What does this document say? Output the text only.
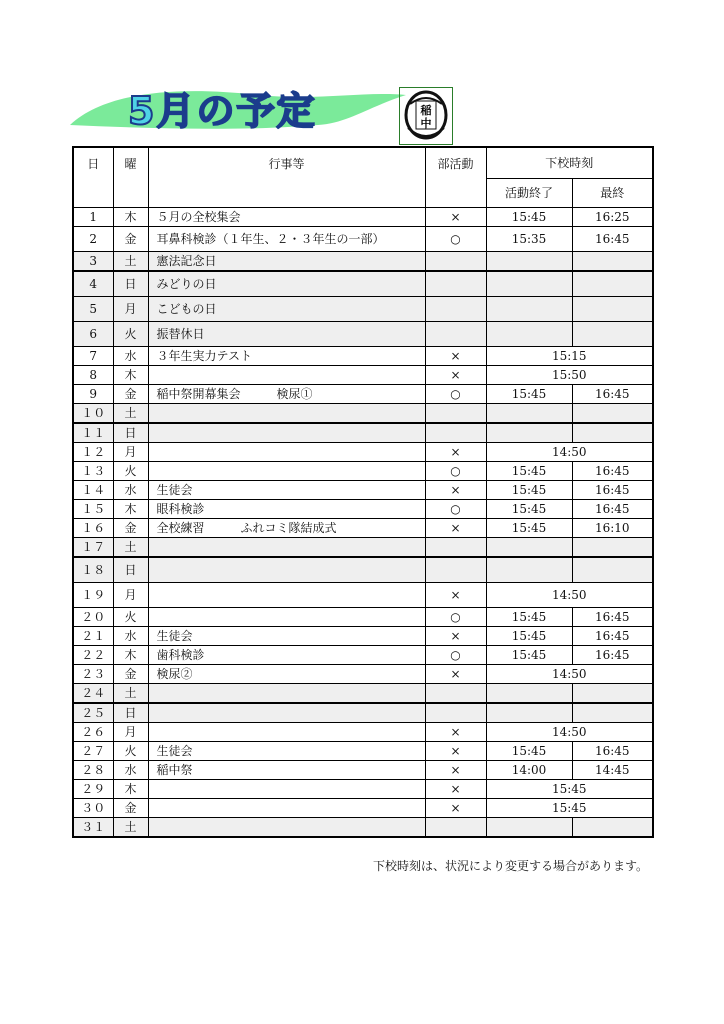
5月の予定	稲
中
日	曜	行事等	部活動	下校時刻	
				活動終了	最終
1	木	５月の全校集会	×	15:45	16:25
2	金	耳鼻科検診（１年生、２・３年生の一部）	○	15:35	16:45
3	土	憲法記念日			
4	日	みどりの日			
5	月	こどもの日			
6	火	振替休日			
7	水	３年生実力テスト	×	15:15	
8	木		×	15:50	
9	金	稲中祭開幕集会　　　検尿①	○	15:45	16:45
１０	土				
１１	日				
１２	月		×	14:50	
１３	火		○	15:45	16:45
１４	水	生徒会	×	15:45	16:45
１５	木	眼科検診	○	15:45	16:45
１６	金	全校練習　　　ふれコミ隊結成式	×	15:45	16:10
１７	土				
１８	日				
１９	月		×	14:50	
２０	火		○	15:45	16:45
２１	水	生徒会	×	15:45	16:45
２２	木	歯科検診	○	15:45	16:45
２３	金	検尿②	×	14:50	
２４	土				
２５	日				
２６	月		×	14:50	
２７	火	生徒会	×	15:45	16:45
２８	水	稲中祭	×	14:00	14:45
２９	木		×	15:45	
３０	金		×	15:45	
３１	土				
下校時刻は、状況により変更する場合があります。
